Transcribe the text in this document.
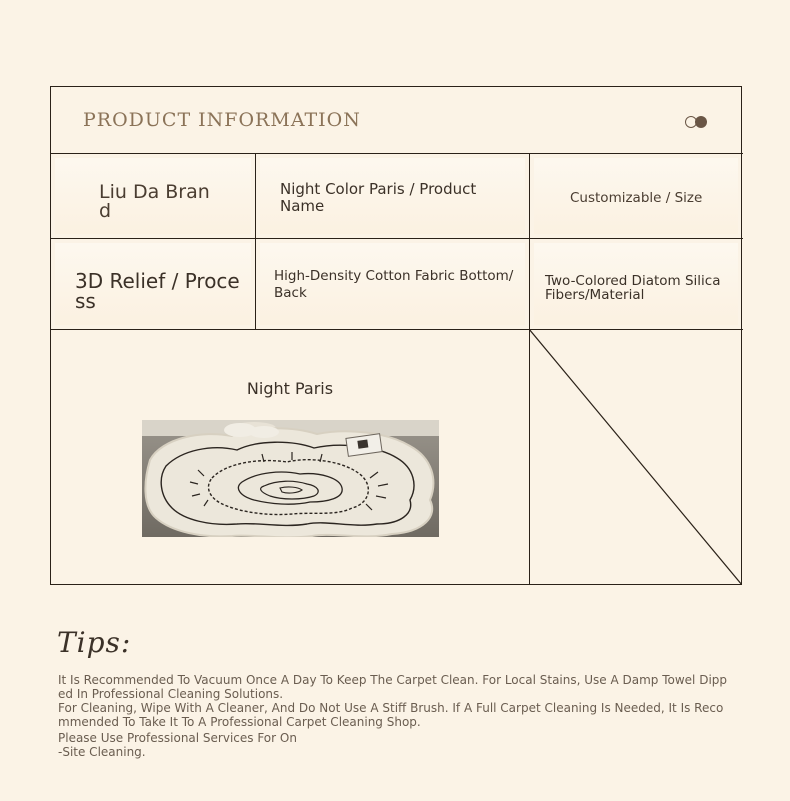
PRODUCT INFORMATION
Liu Da Brand
Night Color Paris / Product Name	Customizable / Size
3D Relief / Process
High-Density Cotton Fabric Bottom/Back
Two-Colored Diatom Silica Fibers/Material
Night Paris
Tips:
It Is Recommended To Vacuum Once A Day To Keep The Carpet Clean. For Local Stains, Use A Damp Towel Dipped In Professional Cleaning Solutions.
For Cleaning, Wipe With A Cleaner, And Do Not Use A Stiff Brush. If A Full Carpet Cleaning Is Needed, It Is Recommended To Take It To A Professional Carpet Cleaning Shop.
Please Use Professional Services For On
-Site Cleaning.
